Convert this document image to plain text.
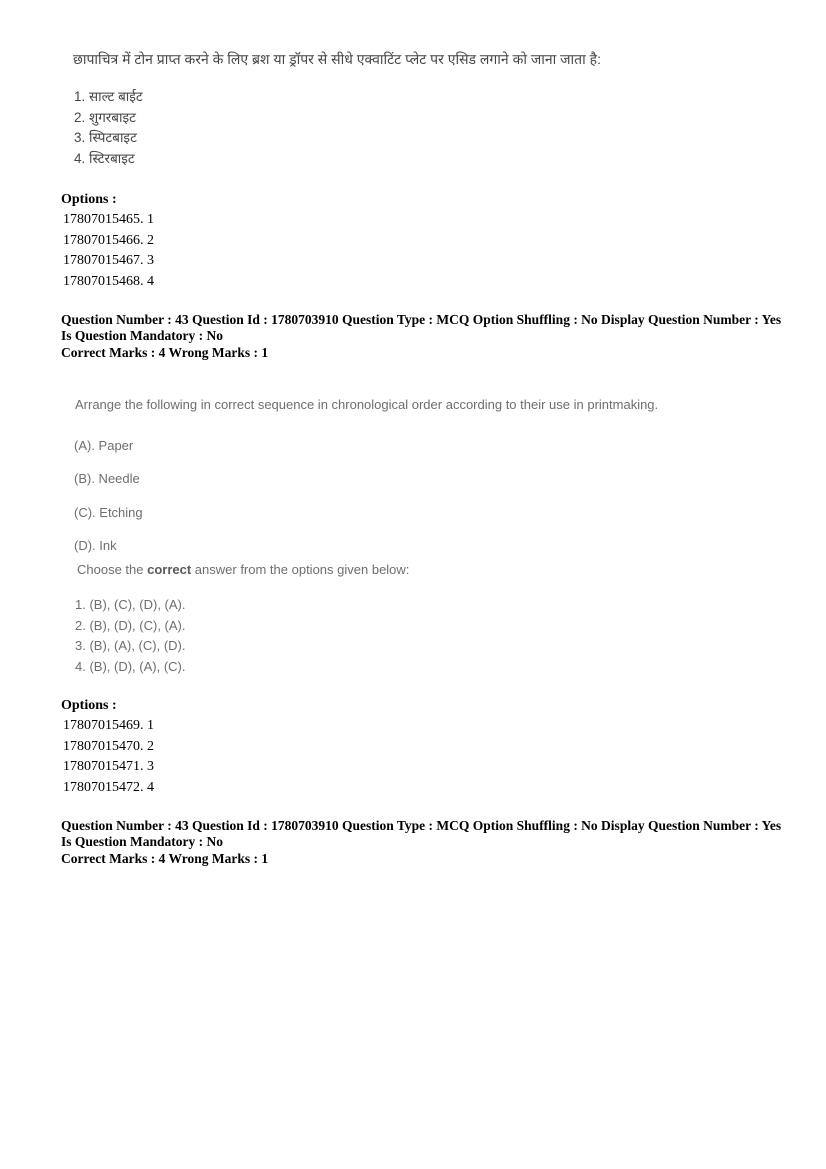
छापाचित्र में टोन प्राप्त करने के लिए ब्रश या ड्रॉपर से सीधे एक्वाटिंट प्लेट पर एसिड लगाने को जाना जाता है:
1. साल्ट बाईट
2. शुगरबाइट
3. स्पिटबाइट
4. स्टिरबाइट
Options :
17807015465. 1
17807015466. 2
17807015467. 3
17807015468. 4
Question Number : 43 Question Id : 1780703910 Question Type : MCQ Option Shuffling : No Display Question Number : Yes
Is Question Mandatory : No
Correct Marks : 4 Wrong Marks : 1
Arrange the following in correct sequence in chronological order according to their use in printmaking.
(A). Paper
(B). Needle
(C). Etching
(D). Ink
Choose the correct answer from the options given below:
1. (B), (C), (D), (A).
2. (B), (D), (C), (A).
3. (B), (A), (C), (D).
4. (B), (D), (A), (C).
Options :
17807015469. 1
17807015470. 2
17807015471. 3
17807015472. 4
Question Number : 43 Question Id : 1780703910 Question Type : MCQ Option Shuffling : No Display Question Number : Yes
Is Question Mandatory : No
Correct Marks : 4 Wrong Marks : 1
